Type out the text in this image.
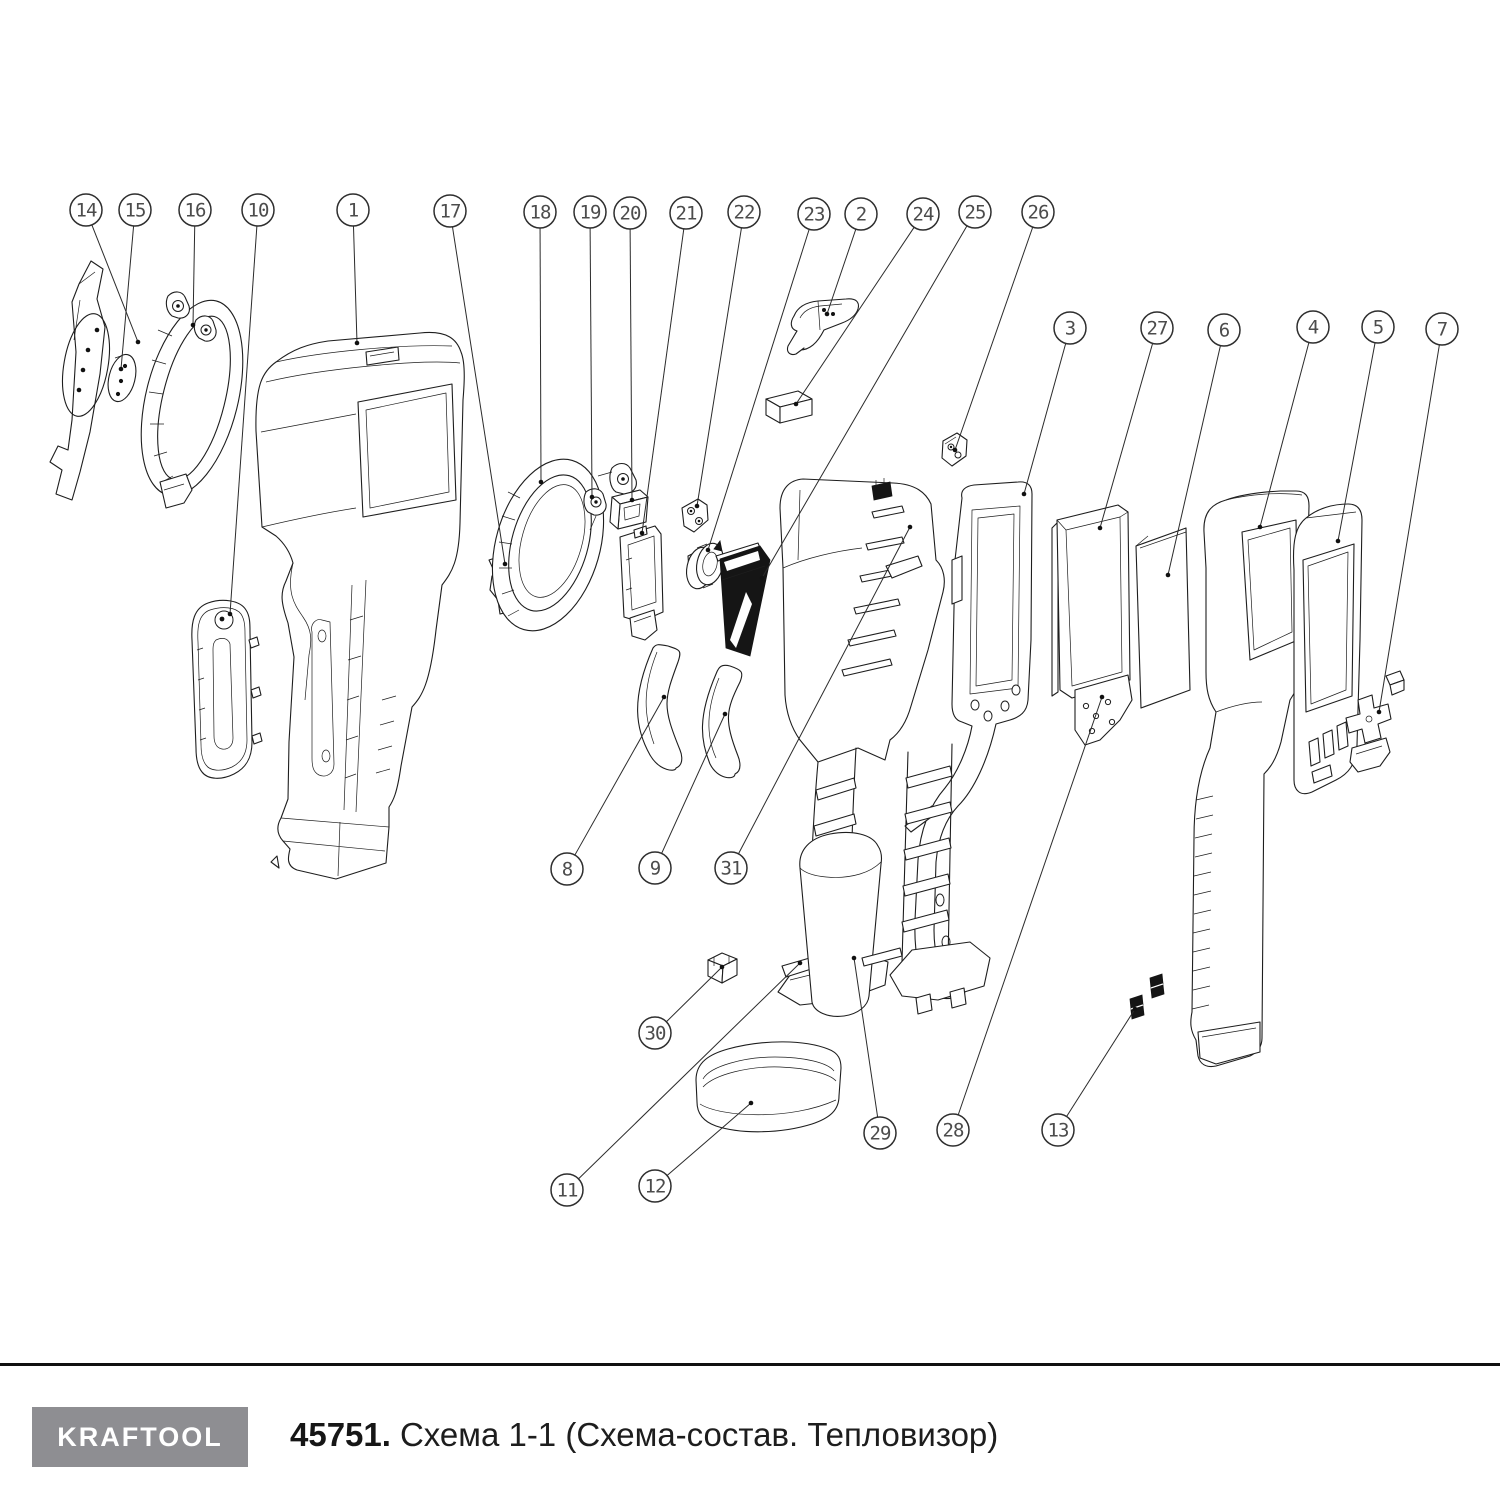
14 15 16 10	1	17	18 19 20 21 22	23 2 24 25 26
3	27	6	4	5	7
8	9	31
30
11	12
29	28	13
KRAFTOOL 45751. Схема 1-1 (Схема-состав. Тепловизор)
